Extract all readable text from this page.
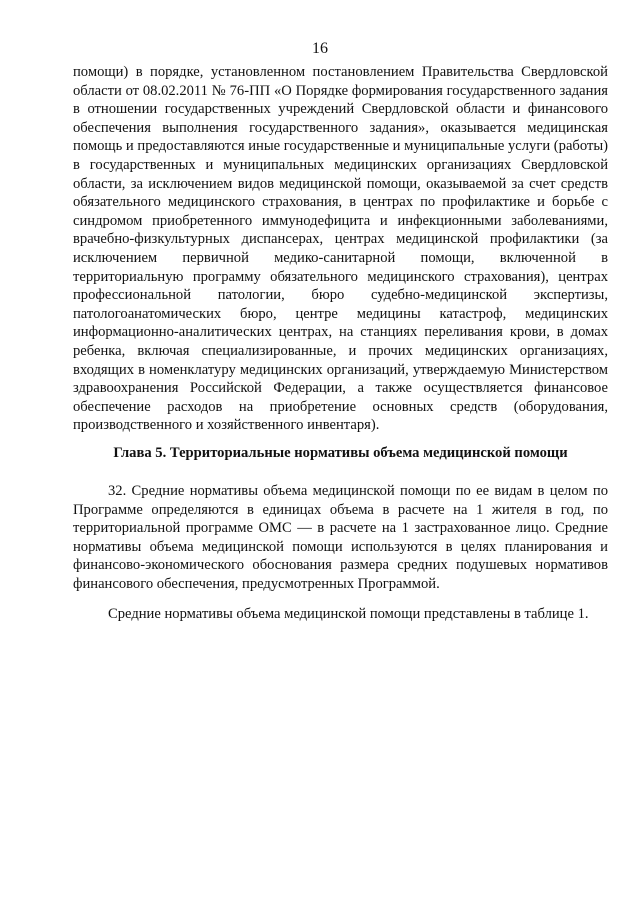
16

помощи) в порядке, установленном постановлением Правительства Свердловской области от 08.02.2011 № 76-ПП «О Порядке формирования государственного задания в отношении государственных учреждений Свердловской области и финансового обеспечения выполнения государственного задания», оказывается медицинская помощь и предоставляются иные государственные и муниципальные услуги (работы) в государственных и муниципальных медицинских организациях Свердловской области, за исключением видов медицинской помощи, оказываемой за счет средств обязательного медицинского страхования, в центрах по профилактике и борьбе с синдромом приобретенного иммунодефицита и инфекционными заболеваниями, врачебно-физкультурных диспансерах, центрах медицинской профилактики (за исключением первичной медико-санитарной помощи, включенной в территориальную программу обязательного медицинского страхования), центрах профессиональной патологии, бюро судебно-медицинской экспертизы, патологоанатомических бюро, центре медицины катастроф, медицинских информационно-аналитических центрах, на станциях переливания крови, в домах ребенка, включая специализированные, и прочих медицинских организациях, входящих в номенклатуру медицинских организаций, утверждаемую Министерством здравоохранения Российской Федерации, а также осуществляется финансовое обеспечение расходов на приобретение основных средств (оборудования, производственного и хозяйственного инвентаря).

Глава 5. Территориальные нормативы объема медицинской помощи

32. Средние нормативы объема медицинской помощи по ее видам в целом по Программе определяются в единицах объема в расчете на 1 жителя в год, по территориальной программе ОМС — в расчете на 1 застрахованное лицо. Средние нормативы объема медицинской помощи используются в целях планирования и финансово-экономического обоснования размера средних подушевых нормативов финансового обеспечения, предусмотренных Программой.

Средние нормативы объема медицинской помощи представлены в таблице 1.
